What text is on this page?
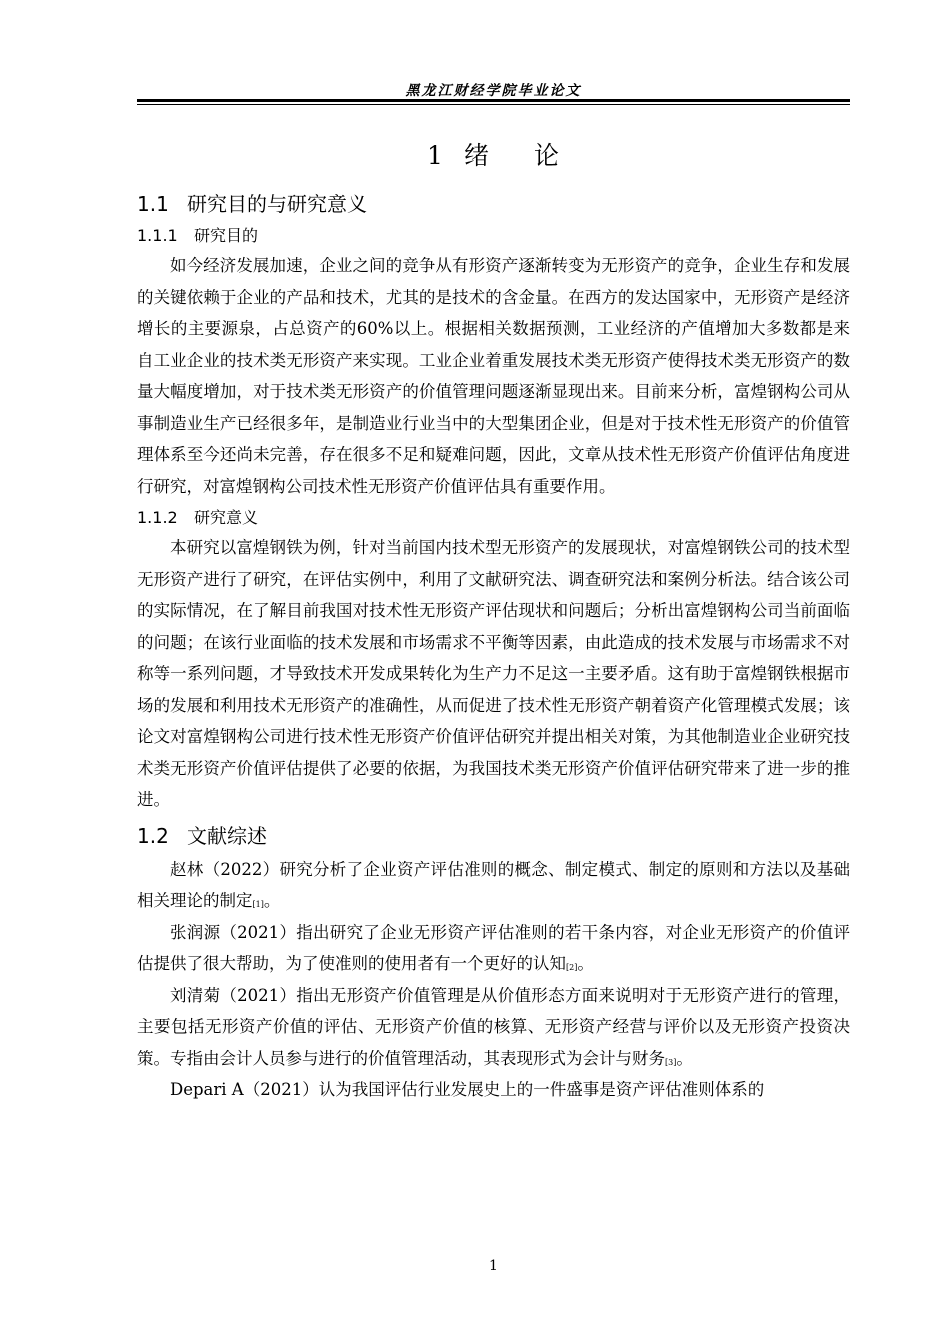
黑龙江财经学院毕业论文
1 绪 论
1.1 研究目的与研究意义
1.1.1 研究目的

如今经济发展加速，企业之间的竞争从有形资产逐渐转变为无形资产的竞争，企业生存和发展的关键依赖于企业的产品和技术，尤其的是技术的含金量。在西方的发达国家中，无形资产是经济增长的主要源泉，占总资产的60%以上。根据相关数据预测，工业经济的产值增加大多数都是来自工业企业的技术类无形资产来实现。工业企业着重发展技术类无形资产使得技术类无形资产的数量大幅度增加，对于技术类无形资产的价值管理问题逐渐显现出来。目前来分析，富煌钢构公司从事制造业生产已经很多年，是制造业行业当中的大型集团企业，但是对于技术性无形资产的价值管理体系至今还尚未完善，存在很多不足和疑难问题，因此，文章从技术性无形资产价值评估角度进行研究，对富煌钢构公司技术性无形资产价值评估具有重要作用。

1.1.2 研究意义

本研究以富煌钢铁为例，针对当前国内技术型无形资产的发展现状，对富煌钢铁公司的技术型无形资产进行了研究，在评估实例中，利用了文献研究法、调查研究法和案例分析法。结合该公司的实际情况，在了解目前我国对技术性无形资产评估现状和问题后；分析出富煌钢构公司当前面临的问题；在该行业面临的技术发展和市场需求不平衡等因素，由此造成的技术发展与市场需求不对称等一系列问题，才导致技术开发成果转化为生产力不足这一主要矛盾。这有助于富煌钢铁根据市场的发展和利用技术无形资产的准确性，从而促进了技术性无形资产朝着资产化管理模式发展；该论文对富煌钢构公司进行技术性无形资产价值评估研究并提出相关对策，为其他制造业企业研究技术类无形资产价值评估提供了必要的依据，为我国技术类无形资产价值评估研究带来了进一步的推进。

1.2 文献综述

赵林（2022）研究分析了企业资产评估准则的概念、制定模式、制定的原则和方法以及基础相关理论的制定[1]。

张润源（2021）指出研究了企业无形资产评估准则的若干条内容，对企业无形资产的价值评估提供了很大帮助，为了使准则的使用者有一个更好的认知[2]。

刘清菊（2021）指出无形资产价值管理是从价值形态方面来说明对于无形资产进行的管理，主要包括无形资产价值的评估、无形资产价值的核算、无形资产经营与评价以及无形资产投资决策。专指由会计人员参与进行的价值管理活动，其表现形式为会计与财务[3]。

Depari A（2021）认为我国评估行业发展史上的一件盛事是资产评估准则体系的

1
